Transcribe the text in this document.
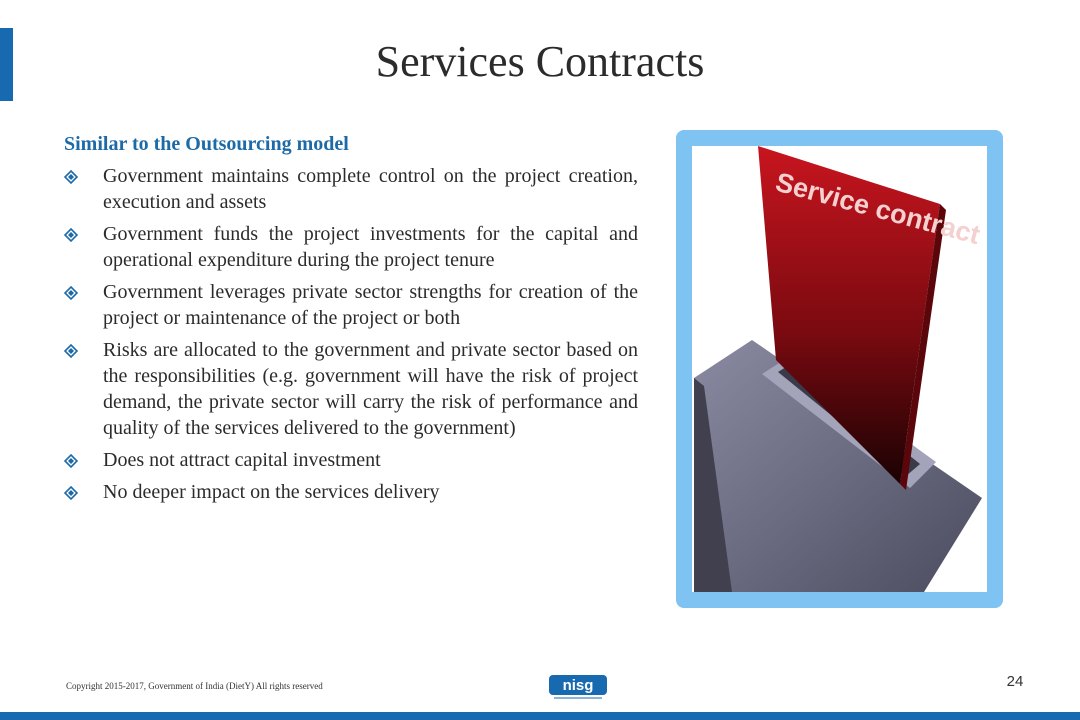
Services Contracts
Similar to the Outsourcing model
Government maintains complete control on the project creation, execution and assets
Government funds the project investments for the capital and operational expenditure during the project tenure
Government leverages private sector strengths for creation of the project or maintenance of the project or both
Risks are allocated to the government and private sector based on the responsibilities (e.g. government will have the risk of project demand, the private sector will carry the risk of performance and quality of the services delivered to the government)
Does not attract capital investment
No deeper impact on the services delivery
Service contract
Copyright 2015-2017, Government of India (DietY) All rights reserved	nisg	24
